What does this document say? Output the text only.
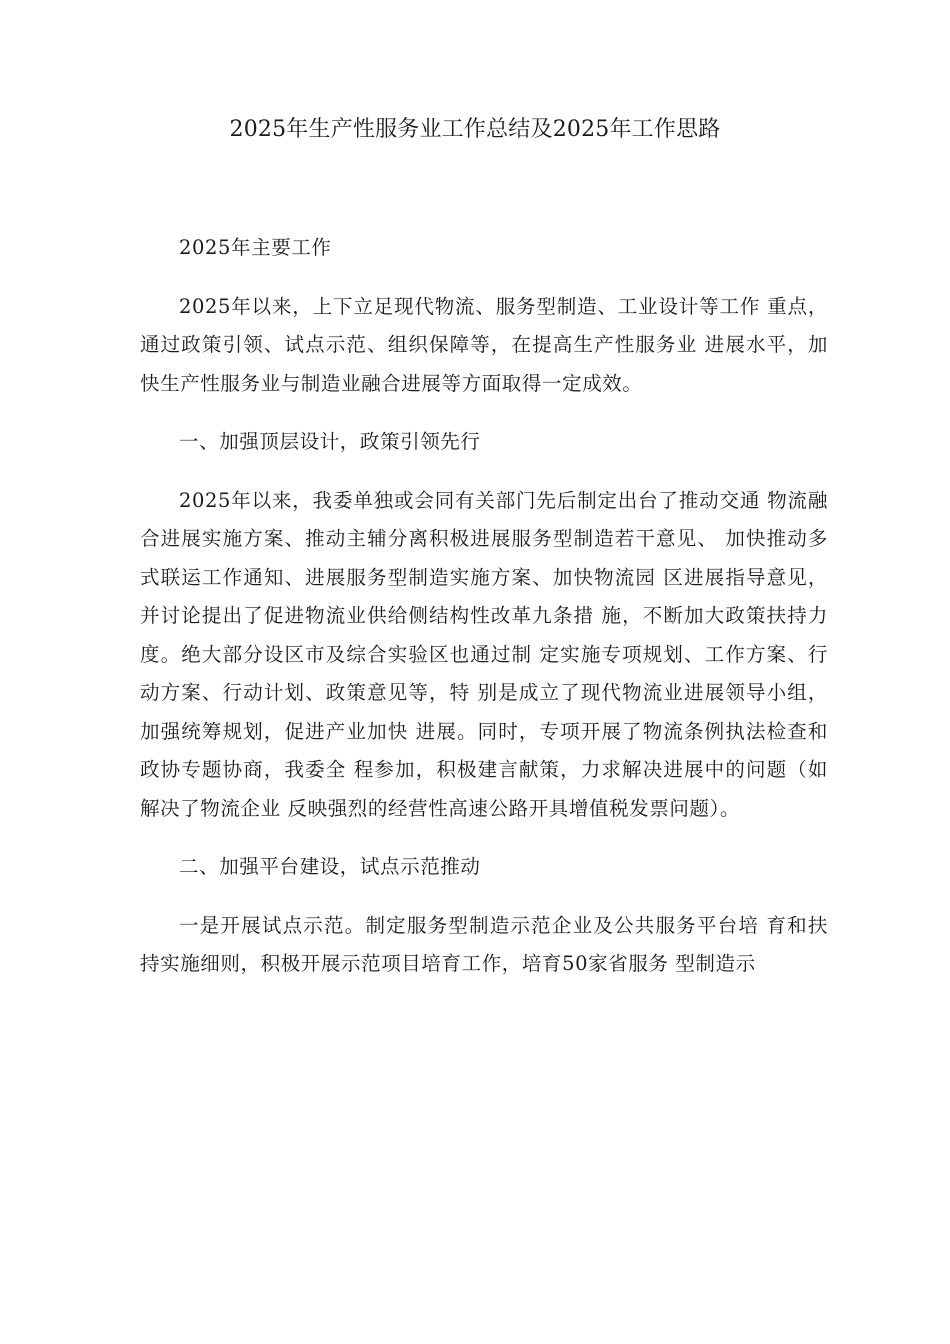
2025年生产性服务业工作总结及2025年工作思路

2025年主要工作

2025年以来，上下立足现代物流、服务型制造、工业设计等工作 重点，通过政策引领、试点示范、组织保障等，在提高生产性服务业 进展水平，加快生产性服务业与制造业融合进展等方面取得一定成效。

一、加强顶层设计，政策引领先行

2025年以来，我委单独或会同有关部门先后制定出台了推动交通 物流融合进展实施方案、推动主辅分离积极进展服务型制造若干意见、 加快推动多式联运工作通知、进展服务型制造实施方案、加快物流园 区进展指导意见，并讨论提出了促进物流业供给侧结构性改革九条措 施，不断加大政策扶持力度。绝大部分设区市及综合实验区也通过制 定实施专项规划、工作方案、行动方案、行动计划、政策意见等，特 别是成立了现代物流业进展领导小组，加强统筹规划，促进产业加快 进展。同时，专项开展了物流条例执法检查和政协专题协商，我委全 程参加，积极建言献策，力求解决进展中的问题（如解决了物流企业 反映强烈的经营性高速公路开具增值税发票问题）。

二、加强平台建设，试点示范推动

一是开展试点示范。制定服务型制造示范企业及公共服务平台培 育和扶持实施细则，积极开展示范项目培育工作，培育50家省服务 型制造示
